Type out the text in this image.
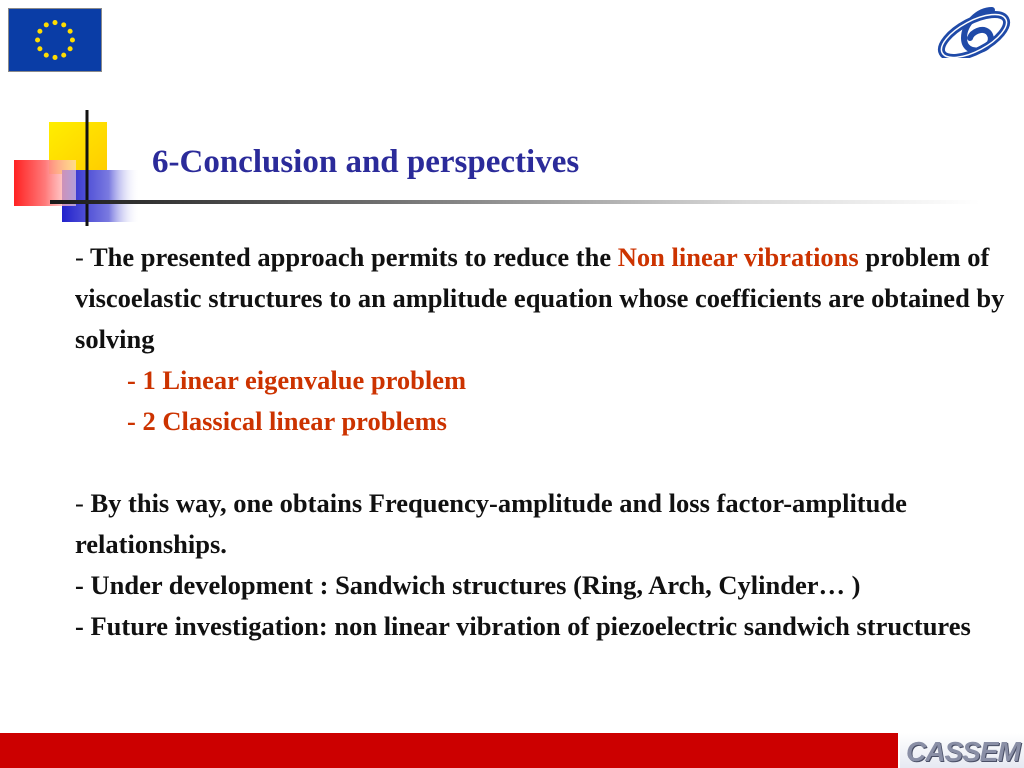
6-Conclusion and perspectives

- The presented approach permits to reduce the Non linear vibrations problem of viscoelastic structures to an amplitude equation whose coefficients are obtained by solving

- 1 Linear eigenvalue problem

- 2 Classical linear problems

- By this way, one obtains Frequency-amplitude and loss factor-amplitude relationships.

- Under development : Sandwich structures (Ring, Arch, Cylinder… )

- Future investigation: non linear vibration of piezoelectric sandwich structures

CASSEM
